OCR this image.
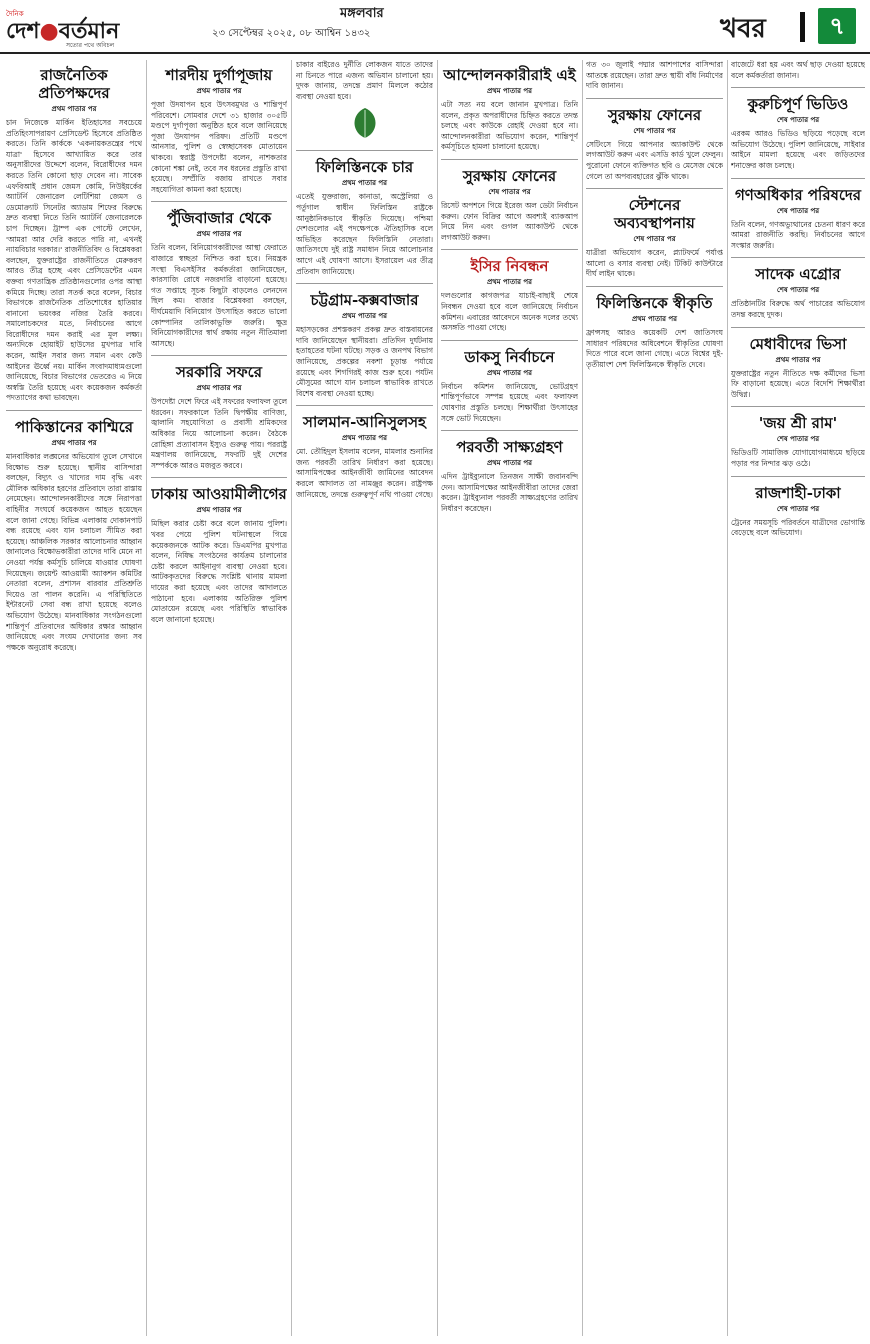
দৈনিক
দেশ●বর্তমান
সত্যের পথে অবিচল
মঙ্গলবার
২৩ সেপ্টেম্বর ২০২৫, ০৮ আশ্বিন ১৪৩২	খবর	৭
রাজনৈতিক প্রতিপক্ষদের
প্রথম পাতার পর

চান নিজেকে মার্কিন ইতিহাসের সবচেয়ে প্রতিহিংসাপরায়ণ প্রেসিডেন্ট হিসেবে প্রতিষ্ঠিত করতে। তিনি কার্ককে 'একনায়কতন্ত্রের পথে যাত্রা' হিসেবে আখ্যায়িত করে তার অনুসারীদের উদ্দেশে বলেন, বিরোধীদের দমন করতে তিনি কোনো ছাড় দেবেন না। সাবেক এফবিআই প্রধান জেমস কোমি, নিউইয়র্কের অ্যাটর্নি জেনারেল লেটিশিয়া জেমস ও ডেমোক্র্যাট সিনেটর অ্যাডাম শিফের বিরুদ্ধে দ্রুত ব্যবস্থা নিতে তিনি অ্যাটর্নি জেনারেলকে চাপ দিচ্ছেন। ট্রাম্প এক পোস্টে লেখেন, 'আমরা আর দেরি করতে পারি না, এখনই ন্যায়বিচার দরকার।' রাজনীতিবিদ ও বিশ্লেষকরা বলছেন, যুক্তরাষ্ট্রের রাজনীতিতে মেরুকরণ আরও তীব্র হচ্ছে এবং প্রেসিডেন্টের এমন বক্তব্য গণতান্ত্রিক প্রতিষ্ঠানগুলোর ওপর আস্থা কমিয়ে দিচ্ছে। তারা সতর্ক করে বলেন, বিচার বিভাগকে রাজনৈতিক প্রতিশোধের হাতিয়ার বানানো ভয়ংকর নজির তৈরি করবে। সমালোচকদের মতে, নির্বাচনের আগে বিরোধীদের দমন করাই এর মূল লক্ষ্য। অন্যদিকে হোয়াইট হাউসের মুখপাত্র দাবি করেন, আইন সবার জন্য সমান এবং কেউ আইনের ঊর্ধ্বে নয়। মার্কিন সংবাদমাধ্যমগুলো জানিয়েছে, বিচার বিভাগের ভেতরেও এ নিয়ে অস্বস্তি তৈরি হয়েছে এবং কয়েকজন কর্মকর্তা পদত্যাগের কথা ভাবছেন।

পাকিস্তানের কাশ্মিরে
প্রথম পাতার পর

মানবাধিকার লঙ্ঘনের অভিযোগ তুলে সেখানে বিক্ষোভ শুরু হয়েছে। স্থানীয় বাসিন্দারা বলছেন, বিদ্যুৎ ও খাদ্যের দাম বৃদ্ধি এবং মৌলিক অধিকার হরণের প্রতিবাদে তারা রাস্তায় নেমেছেন। আন্দোলনকারীদের সঙ্গে নিরাপত্তা বাহিনীর সংঘর্ষে কয়েকজন আহত হয়েছেন বলে জানা গেছে। বিভিন্ন এলাকায় দোকানপাট বন্ধ রয়েছে এবং যান চলাচল সীমিত করা হয়েছে। আঞ্চলিক সরকার আলোচনার আহ্বান জানালেও বিক্ষোভকারীরা তাদের দাবি মেনে না নেওয়া পর্যন্ত কর্মসূচি চালিয়ে যাওয়ার ঘোষণা দিয়েছেন। জয়েন্ট আওয়ামী অ্যাকশন কমিটির নেতারা বলেন, প্রশাসন বারবার প্রতিশ্রুতি দিয়েও তা পালন করেনি। এ পরিস্থিতিতে ইন্টারনেট সেবা বন্ধ রাখা হয়েছে বলেও অভিযোগ উঠেছে। মানবাধিকার সংগঠনগুলো শান্তিপূর্ণ প্রতিবাদের অধিকার রক্ষার আহ্বান জানিয়েছে এবং সংযম দেখানোর জন্য সব পক্ষকে অনুরোধ করেছে।

শারদীয় দুর্গাপূজায়
প্রথম পাতার পর

পূজা উদযাপন হবে উৎসবমুখর ও শান্তিপূর্ণ পরিবেশে। সোমবার দেশে ৩১ হাজার ৩০৫টি মণ্ডপে দুর্গাপূজা অনুষ্ঠিত হবে বলে জানিয়েছে পূজা উদযাপন পরিষদ। প্রতিটি মণ্ডপে আনসার, পুলিশ ও স্বেচ্ছাসেবক মোতায়েন থাকবে। স্বরাষ্ট্র উপদেষ্টা বলেন, নাশকতার কোনো শঙ্কা নেই, তবে সব ধরনের প্রস্তুতি রাখা হয়েছে। সম্প্রীতি বজায় রাখতে সবার সহযোগিতা কামনা করা হয়েছে।

পুঁজিবাজার থেকে
প্রথম পাতার পর

তিনি বলেন, বিনিয়োগকারীদের আস্থা ফেরাতে বাজারে স্বচ্ছতা নিশ্চিত করা হবে। নিয়ন্ত্রক সংস্থা বিএসইসির কর্মকর্তারা জানিয়েছেন, কারসাজি রোধে নজরদারি বাড়ানো হয়েছে। গত সপ্তাহে সূচক কিছুটা বাড়লেও লেনদেন ছিল কম। বাজার বিশ্লেষকরা বলছেন, দীর্ঘমেয়াদি বিনিয়োগ উৎসাহিত করতে ভালো কোম্পানির তালিকাভুক্তি জরুরি। ক্ষুদ্র বিনিয়োগকারীদের স্বার্থ রক্ষায় নতুন নীতিমালা আসছে।

সরকারি সফরে
প্রথম পাতার পর

উপদেষ্টা দেশে ফিরে এই সফরের ফলাফল তুলে ধরবেন। সফরকালে তিনি দ্বিপক্ষীয় বাণিজ্য, জ্বালানি সহযোগিতা ও প্রবাসী শ্রমিকদের অধিকার নিয়ে আলোচনা করেন। বৈঠকে রোহিঙ্গা প্রত্যাবাসন ইস্যুও গুরুত্ব পায়। পররাষ্ট্র মন্ত্রণালয় জানিয়েছে, সফরটি দুই দেশের সম্পর্ককে আরও মজবুত করবে।

ঢাকায় আওয়ামীলীগের
প্রথম পাতার পর

মিছিল করার চেষ্টা করে বলে জানায় পুলিশ। খবর পেয়ে পুলিশ ঘটনাস্থলে গিয়ে কয়েকজনকে আটক করে। ডিএমপির মুখপাত্র বলেন, নিষিদ্ধ সংগঠনের কার্যক্রম চালানোর চেষ্টা করলে আইনানুগ ব্যবস্থা নেওয়া হবে। আটককৃতদের বিরুদ্ধে সংশ্লিষ্ট থানায় মামলা দায়ের করা হয়েছে এবং তাদের আদালতে পাঠানো হবে। এলাকায় অতিরিক্ত পুলিশ মোতায়েন রয়েছে এবং পরিস্থিতি স্বাভাবিক বলে জানানো হয়েছে।

চাকার বাইরেও দুর্নীতি লোকজন যাতে তাদের না চিনতে পারে এজন্য অভিযান চালানো হয়। দুদক জানায়, তদন্তে প্রমাণ মিললে কঠোর ব্যবস্থা নেওয়া হবে।

ফিলিস্তিনকে চার
প্রথম পাতার পর

এতেই যুক্তরাজ্য, কানাডা, অস্ট্রেলিয়া ও পর্তুগাল স্বাধীন ফিলিস্তিন রাষ্ট্রকে আনুষ্ঠানিকভাবে স্বীকৃতি দিয়েছে। পশ্চিমা দেশগুলোর এই পদক্ষেপকে ঐতিহাসিক বলে অভিহিত করেছেন ফিলিস্তিনি নেতারা। জাতিসংঘে দুই রাষ্ট্র সমাধান নিয়ে আলোচনার আগে এই ঘোষণা আসে। ইসরায়েল এর তীব্র প্রতিবাদ জানিয়েছে।

চট্টগ্রাম-কক্সবাজার
প্রথম পাতার পর

মহাসড়কের প্রশস্তকরণ প্রকল্প দ্রুত বাস্তবায়নের দাবি জানিয়েছেন স্থানীয়রা। প্রতিদিন দুর্ঘটনায় হতাহতের ঘটনা ঘটছে। সড়ক ও জনপথ বিভাগ জানিয়েছে, প্রকল্পের নকশা চূড়ান্ত পর্যায়ে রয়েছে এবং শিগগিরই কাজ শুরু হবে। পর্যটন মৌসুমের আগে যান চলাচল স্বাভাবিক রাখতে বিশেষ ব্যবস্থা নেওয়া হচ্ছে।

সালমান-আনিসুলসহ
প্রথম পাতার পর

মো. তৌহিদুল ইসলাম বলেন, মামলার শুনানির জন্য পরবর্তী তারিখ নির্ধারণ করা হয়েছে। আসামিপক্ষের আইনজীবী জামিনের আবেদন করলে আদালত তা নামঞ্জুর করেন। রাষ্ট্রপক্ষ জানিয়েছে, তদন্তে গুরুত্বপূর্ণ নথি পাওয়া গেছে।

আন্দোলনকারীরাই এই
প্রথম পাতার পর

এটা সত্য নয় বলে জানান মুখপাত্র। তিনি বলেন, প্রকৃত অপরাধীদের চিহ্নিত করতে তদন্ত চলছে এবং কাউকে রেহাই দেওয়া হবে না। আন্দোলনকারীরা অভিযোগ করেন, শান্তিপূর্ণ কর্মসূচিতে হামলা চালানো হয়েছে।

সুরক্ষায় ফোনের
শেষ পাতার পর

রিসেট অপশনে গিয়ে ইরেজ অল ডেটা নির্বাচন করুন। ফোন বিক্রির আগে অবশ্যই ব্যাকআপ নিয়ে নিন এবং গুগল অ্যাকাউন্ট থেকে লগআউট করুন।

ইসির নিবন্ধন
প্রথম পাতার পর

দলগুলোর কাগজপত্র যাচাই-বাছাই শেষে নিবন্ধন দেওয়া হবে বলে জানিয়েছে নির্বাচন কমিশন। এবারের আবেদনে অনেক দলের তথ্যে অসঙ্গতি পাওয়া গেছে।

ডাকসু নির্বাচনে
প্রথম পাতার পর

নির্বাচন কমিশন জানিয়েছে, ভোটগ্রহণ শান্তিপূর্ণভাবে সম্পন্ন হয়েছে এবং ফলাফল ঘোষণার প্রস্তুতি চলছে। শিক্ষার্থীরা উৎসাহের সঙ্গে ভোট দিয়েছেন।

পরবর্তী সাক্ষ্যগ্রহণ
প্রথম পাতার পর

এদিন ট্রাইব্যুনালে তিনজন সাক্ষী জবানবন্দি দেন। আসামিপক্ষের আইনজীবীরা তাদের জেরা করেন। ট্রাইব্যুনাল পরবর্তী সাক্ষ্যগ্রহণের তারিখ নির্ধারণ করেছেন।

গত ৩০ জুলাই পদ্মার আশপাশের বাসিন্দারা আতঙ্কে রয়েছেন। তারা দ্রুত স্থায়ী বাঁধ নির্মাণের দাবি জানান।

সুরক্ষায় ফোনের
শেষ পাতার পর

সেটিংসে গিয়ে আপনার অ্যাকাউন্ট থেকে লগআউট করুন এবং এসডি কার্ড খুলে ফেলুন। পুরোনো ফোনে ব্যক্তিগত ছবি ও মেসেজ থেকে গেলে তা অপব্যবহারের ঝুঁকি থাকে।

স্টেশনের অব্যবস্থাপনায়
শেষ পাতার পর

যাত্রীরা অভিযোগ করেন, প্ল্যাটফর্মে পর্যাপ্ত আলো ও বসার ব্যবস্থা নেই। টিকিট কাউন্টারে দীর্ঘ লাইন থাকে।

ফিলিস্তিনকে স্বীকৃতি
প্রথম পাতার পর

ফ্রান্সসহ আরও কয়েকটি দেশ জাতিসংঘ সাধারণ পরিষদের অধিবেশনে স্বীকৃতির ঘোষণা দিতে পারে বলে জানা গেছে। এতে বিশ্বের দুই-তৃতীয়াংশ দেশ ফিলিস্তিনকে স্বীকৃতি দেবে।

বাজেটে ধরা হয় এবং অর্থ ছাড় দেওয়া হয়েছে বলে কর্মকর্তারা জানান।

কুরুচিপূর্ণ ভিডিও
শেষ পাতার পর

এরকম আরও ভিডিও ছড়িয়ে পড়েছে বলে অভিযোগ উঠেছে। পুলিশ জানিয়েছে, সাইবার আইনে মামলা হয়েছে এবং জড়িতদের শনাক্তের কাজ চলছে।

গণঅধিকার পরিষদের
শেষ পাতার পর

তিনি বলেন, গণঅভ্যুত্থানের চেতনা ধারণ করে আমরা রাজনীতি করছি। নির্বাচনের আগে সংস্কার জরুরি।

সাদেক এগ্রোর
শেষ পাতার পর

প্রতিষ্ঠানটির বিরুদ্ধে অর্থ পাচারের অভিযোগ তদন্ত করছে দুদক।

মেধাবীদের ভিসা
প্রথম পাতার পর

যুক্তরাষ্ট্রের নতুন নীতিতে দক্ষ কর্মীদের ভিসা ফি বাড়ানো হয়েছে। এতে বিদেশি শিক্ষার্থীরা উদ্বিগ্ন।

'জয় শ্রী রাম'
শেষ পাতার পর

ভিডিওটি সামাজিক যোগাযোগমাধ্যমে ছড়িয়ে পড়ার পর নিন্দার ঝড় ওঠে।

রাজশাহী-ঢাকা
শেষ পাতার পর

ট্রেনের সময়সূচি পরিবর্তনে যাত্রীদের ভোগান্তি বেড়েছে বলে অভিযোগ।
